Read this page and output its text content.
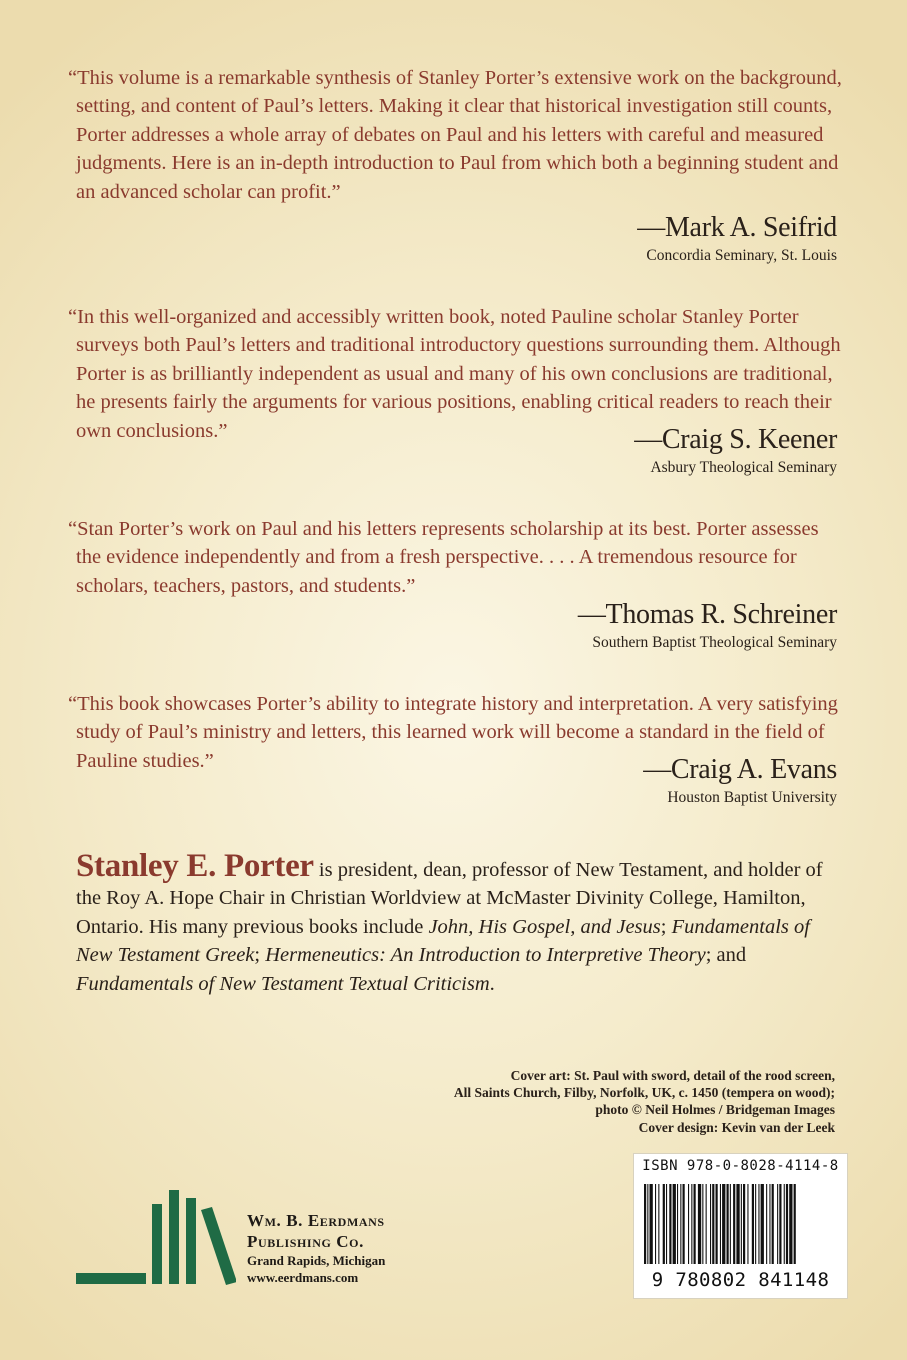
“This volume is a remarkable synthesis of Stanley Porter’s extensive work on the background, setting, and content of Paul’s letters. Making it clear that historical investigation still counts, Porter addresses a whole array of debates on Paul and his letters with careful and measured judgments. Here is an in-depth introduction to Paul from which both a beginning student and an advanced scholar can profit.”

—Mark A. Seifrid
Concordia Seminary, St. Louis

“In this well-organized and accessibly written book, noted Pauline scholar Stanley Porter surveys both Paul’s letters and traditional introductory questions surrounding them. Although Porter is as brilliantly independent as usual and many of his own conclusions are traditional, he presents fairly the arguments for various positions, enabling critical readers to reach their own conclusions.”	—Craig S. Keener
Asbury Theological Seminary

“Stan Porter’s work on Paul and his letters represents scholarship at its best. Porter assesses the evidence independently and from a fresh perspective. . . . A tremendous resource for scholars, teachers, pastors, and students.”

—Thomas R. Schreiner
Southern Baptist Theological Seminary

“This book showcases Porter’s ability to integrate history and interpretation. A very satisfying study of Paul’s ministry and letters, this learned work will become a standard in the field of Pauline studies.”	—Craig A. Evans
Houston Baptist University

Stanley E. Porter is president, dean, professor of New Testament, and holder of the Roy A. Hope Chair in Christian Worldview at McMaster Divinity College, Hamilton, Ontario. His many previous books include John, His Gospel, and Jesus; Fundamentals of New Testament Greek; Hermeneutics: An Introduction to Interpretive Theory; and Fundamentals of New Testament Textual Criticism.

Cover art: St. Paul with sword, detail of the rood screen,
All Saints Church, Filby, Norfolk, UK, c. 1450 (tempera on wood);
photo © Neil Holmes / Bridgeman Images
Cover design: Kevin van der Leek
Wm. B. Eerdmans
Publishing Co.
Grand Rapids, Michigan
www.eerdmans.com
ISBN 978-0-8028-4114-8
9 780802 841148
